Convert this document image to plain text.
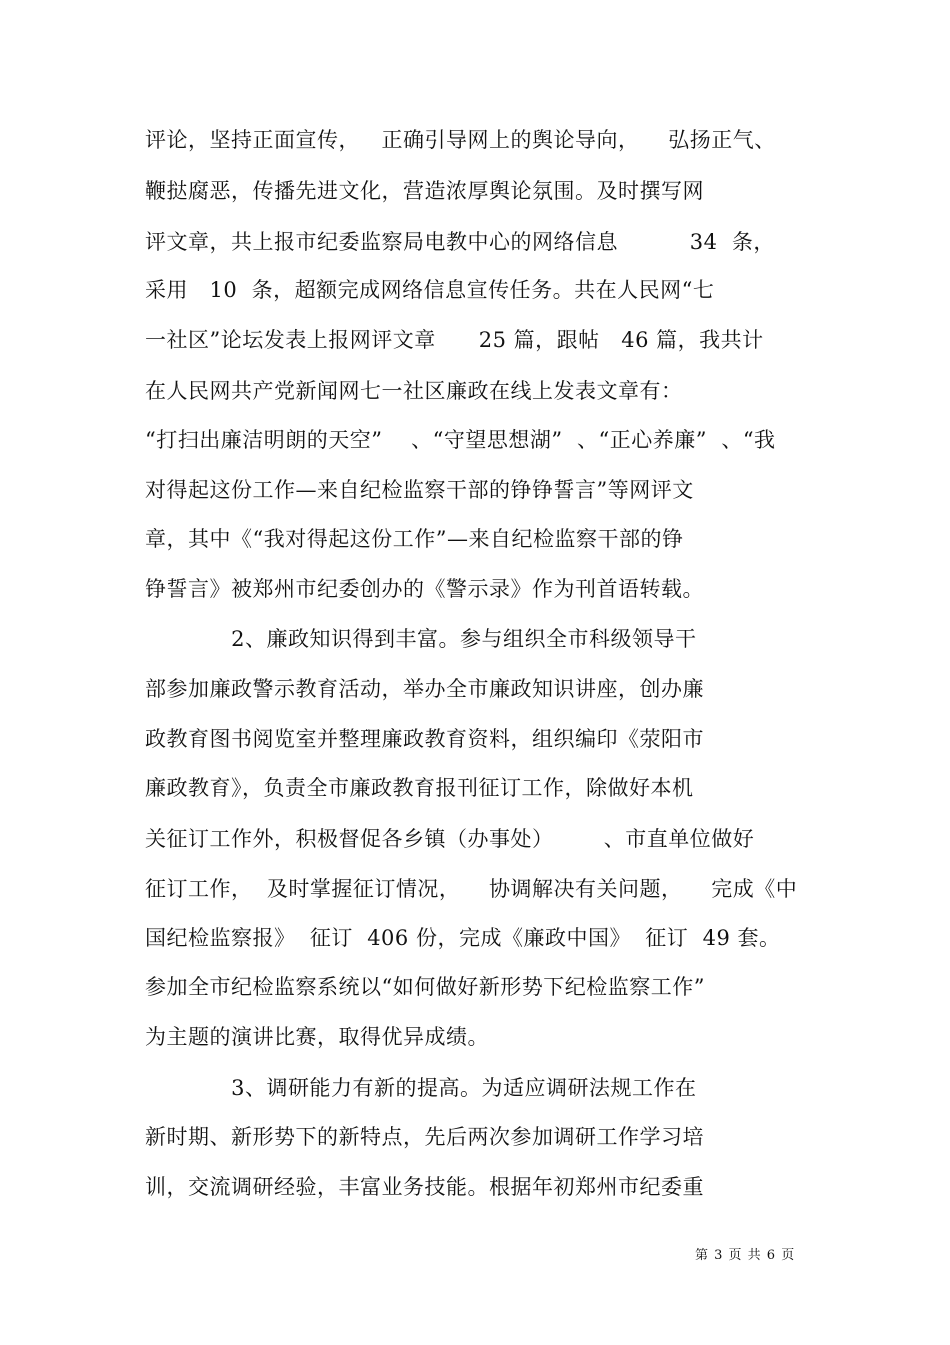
评论，坚持正面宣传，   正确引导网上的舆论导向，    弘扬正气、
鞭挞腐恶，传播先进文化，营造浓厚舆论氛围。及时撰写网
评文章，共上报市纪委监察局电教中心的网络信息          34  条，
采用   10  条，超额完成网络信息宣传任务。共在人民网“七
一社区”论坛发表上报网评文章      25 篇，跟帖   46 篇，我共计
在人民网共产党新闻网七一社区廉政在线上发表文章有：
“打扫出廉洁明朗的天空”    、“守望思想湖”  、“正心养廉”  、“我
对得起这份工作—来自纪检监察干部的铮铮誓言”等网评文
章，其中《“我对得起这份工作”—来自纪检监察干部的铮
铮誓言》被郑州市纪委创办的《警示录》作为刊首语转载。
2、廉政知识得到丰富。参与组织全市科级领导干
部参加廉政警示教育活动，举办全市廉政知识讲座，创办廉
政教育图书阅览室并整理廉政教育资料，组织编印《荥阳市
廉政教育》，负责全市廉政教育报刊征订工作，除做好本机
关征订工作外，积极督促各乡镇（办事处）       、市直单位做好
征订工作，  及时掌握征订情况，    协调解决有关问题，    完成《中
国纪检监察报》  征订  406 份，完成《廉政中国》  征订  49 套。
参加全市纪检监察系统以“如何做好新形势下纪检监察工作”
为主题的演讲比赛，取得优异成绩。
3、调研能力有新的提高。为适应调研法规工作在
新时期、新形势下的新特点，先后两次参加调研工作学习培
训，交流调研经验，丰富业务技能。根据年初郑州市纪委重
第 3 页 共 6 页
